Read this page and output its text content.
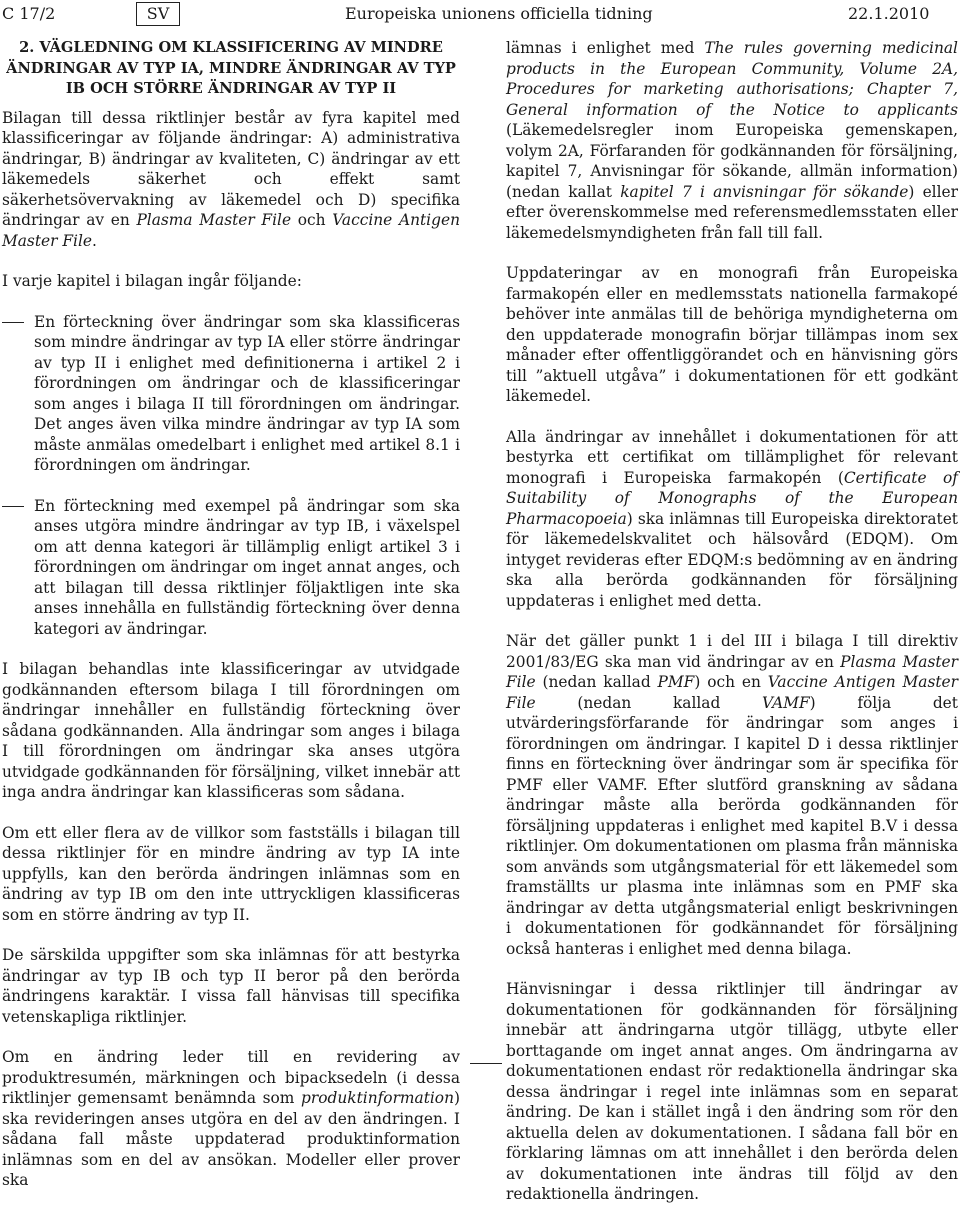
C 17/2	SV	Europeiska unionens officiella tidning	22.1.2010

2. VÄGLEDNING OM KLASSIFICERING AV MINDRE ÄNDRINGAR AV TYP IA, MINDRE ÄNDRINGAR AV TYP IB OCH STÖRRE ÄNDRINGAR AV TYP II

Bilagan till dessa riktlinjer består av fyra kapitel med klassificeringar av följande ändringar: A) administrativa ändringar, B) ändringar av kvaliteten, C) ändringar av ett läkemedels säkerhet och effekt samt säkerhetsövervakning av läkemedel och D) specifika ändringar av en Plasma Master File och Vaccine Antigen Master File.

I varje kapitel i bilagan ingår följande:

En förteckning över ändringar som ska klassificeras som mindre ändringar av typ IA eller större ändringar av typ II i enlighet med definitionerna i artikel 2 i förordningen om ändringar och de klassificeringar som anges i bilaga II till förordningen om ändringar. Det anges även vilka mindre ändringar av typ IA som måste anmälas omedelbart i enlighet med artikel 8.1 i förordningen om ändringar.

En förteckning med exempel på ändringar som ska anses utgöra mindre ändringar av typ IB, i växelspel om att denna kategori är tillämplig enligt artikel 3 i förordningen om ändringar om inget annat anges, och att bilagan till dessa riktlinjer följaktligen inte ska anses innehålla en fullständig förteckning över denna kategori av ändringar.

I bilagan behandlas inte klassificeringar av utvidgade godkännanden eftersom bilaga I till förordningen om ändringar innehåller en fullständig förteckning över sådana godkännanden. Alla ändringar som anges i bilaga I till förordningen om ändringar ska anses utgöra utvidgade godkännanden för försäljning, vilket innebär att inga andra ändringar kan klassificeras som sådana.

Om ett eller flera av de villkor som fastställs i bilagan till dessa riktlinjer för en mindre ändring av typ IA inte uppfylls, kan den berörda ändringen inlämnas som en ändring av typ IB om den inte uttryckligen klassificeras som en större ändring av typ II.

De särskilda uppgifter som ska inlämnas för att bestyrka ändringar av typ IB och typ II beror på den berörda ändringens karaktär. I vissa fall hänvisas till specifika vetenskapliga riktlinjer.

Om en ändring leder till en revidering av produktresumén, märkningen och bipacksedeln (i dessa riktlinjer gemensamt benämnda som produktinformation) ska revideringen anses utgöra en del av den ändringen. I sådana fall måste uppdaterad produktinformation inlämnas som en del av ansökan. Modeller eller prover ska

lämnas i enlighet med The rules governing medicinal products in the European Community, Volume 2A, Procedures for marketing authorisations; Chapter 7, General information of the Notice to applicants (Läkemedelsregler inom Europeiska gemenskapen, volym 2A, Förfaranden för godkännanden för försäljning, kapitel 7, Anvisningar för sökande, allmän information) (nedan kallat kapitel 7 i anvisningar för sökande) eller efter överenskommelse med referensmedlemsstaten eller läkemedelsmyndigheten från fall till fall.

Uppdateringar av en monografi från Europeiska farmakopén eller en medlemsstats nationella farmakopé behöver inte anmälas till de behöriga myndigheterna om den uppdaterade monografin börjar tillämpas inom sex månader efter offentliggörandet och en hänvisning görs till ”aktuell utgåva” i dokumentationen för ett godkänt läkemedel.

Alla ändringar av innehållet i dokumentationen för att bestyrka ett certifikat om tillämplighet för relevant monografi i Europeiska farmakopén (Certificate of Suitability of Monographs of the European Pharmacopoeia) ska inlämnas till Europeiska direktoratet för läkemedelskvalitet och hälsovård (EDQM). Om intyget revideras efter EDQM:s bedömning av en ändring ska alla berörda godkännanden för försäljning uppdateras i enlighet med detta.

När det gäller punkt 1 i del III i bilaga I till direktiv 2001/83/EG ska man vid ändringar av en Plasma Master File (nedan kallad PMF) och en Vaccine Antigen Master File (nedan kallad VAMF) följa det utvärderingsförfarande för ändringar som anges i förordningen om ändringar. I kapitel D i dessa riktlinjer finns en förteckning över ändringar som är specifika för PMF eller VAMF. Efter slutförd granskning av sådana ändringar måste alla berörda godkännanden för försäljning uppdateras i enlighet med kapitel B.V i dessa riktlinjer. Om dokumentationen om plasma från människa som används som utgångsmaterial för ett läkemedel som framställts ur plasma inte inlämnas som en PMF ska ändringar av detta utgångsmaterial enligt beskrivningen i dokumentationen för godkännandet för försäljning också hanteras i enlighet med denna bilaga.

Hänvisningar i dessa riktlinjer till ändringar av dokumentationen för godkännanden för försäljning innebär att ändringarna utgör tillägg, utbyte eller borttagande om inget annat anges. Om ändringarna av dokumentationen endast rör redaktionella ändringar ska dessa ändringar i regel inte inlämnas som en separat ändring. De kan i stället ingå i den ändring som rör den aktuella delen av dokumentationen. I sådana fall bör en förklaring lämnas om att innehållet i den berörda delen av dokumentationen inte ändras till följd av den redaktionella ändringen.
